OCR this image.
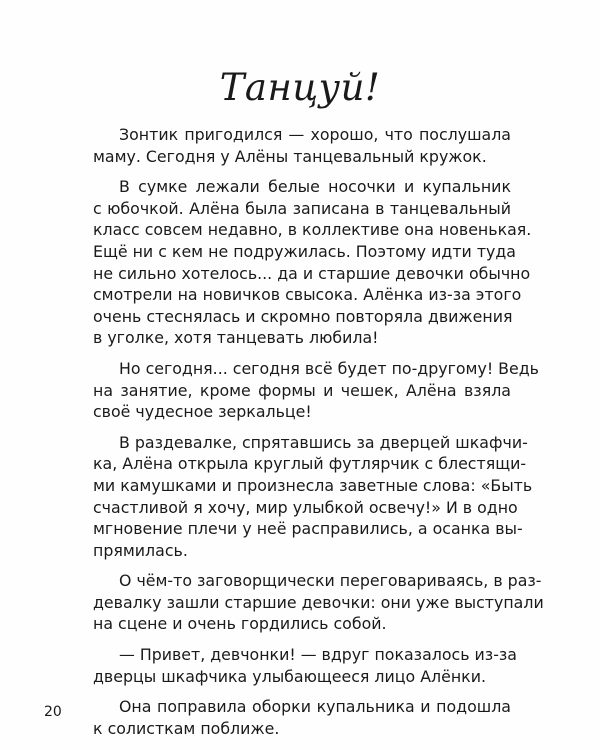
Танцуй!

Зонтик пригодился — хорошо, что послушала
маму. Сегодня у Алёны танцевальный кружок.

В сумке лежали белые носочки и купальник
с юбочкой. Алёна была записана в танцевальный
класс совсем недавно, в коллективе она новенькая.
Ещё ни с кем не подружилась. Поэтому идти туда
не сильно хотелось... да и старшие девочки обычно
смотрели на новичков свысока. Алёнка из-за этого
очень стеснялась и скромно повторяла движения
в уголке, хотя танцевать любила!

Но сегодня... сегодня всё будет по-другому! Ведь
на занятие, кроме формы и чешек, Алёна взяла
своё чудесное зеркальце!

В раздевалке, спрятавшись за дверцей шкафчи-
ка, Алёна открыла круглый футлярчик с блестящи-
ми камушками и произнесла заветные слова: «Быть
счастливой я хочу, мир улыбкой освечу!» И в одно
мгновение плечи у неё расправились, а осанка вы-
прямилась.

О чём-то заговорщически переговариваясь, в раз-
девалку зашли старшие девочки: они уже выступали
на сцене и очень гордились собой.

— Привет, девчонки! — вдруг показалось из-за
дверцы шкафчика улыбающееся лицо Алёнки.

Она поправила оборки купальника и подошла
к солисткам поближе.

20
